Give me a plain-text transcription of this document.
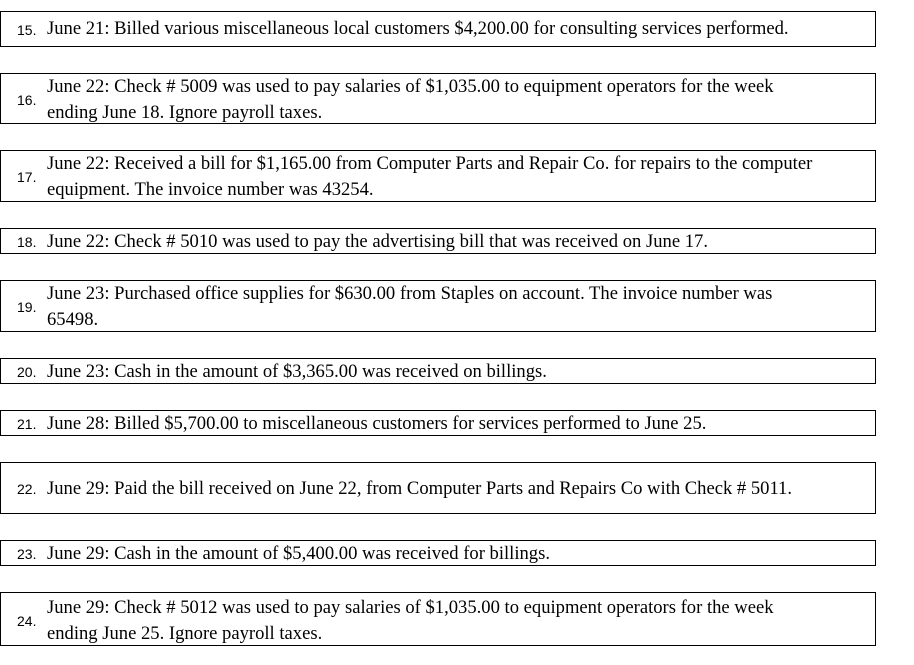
15. June 21: Billed various miscellaneous local customers $4,200.00 for consulting services performed.
16.
June 22: Check # 5009 was used to pay salaries of $1,035.00 to equipment operators for the week
ending June 18. Ignore payroll taxes.
17.
June 22: Received a bill for $1,165.00 from Computer Parts and Repair Co. for repairs to the computer
equipment. The invoice number was 43254.
18. June 22: Check # 5010 was used to pay the advertising bill that was received on June 17.
19.
June 23: Purchased office supplies for $630.00 from Staples on account. The invoice number was
65498.
20. June 23: Cash in the amount of $3,365.00 was received on billings.
21. June 28: Billed $5,700.00 to miscellaneous customers for services performed to June 25.
22. June 29: Paid the bill received on June 22, from Computer Parts and Repairs Co with Check # 5011.
23. June 29: Cash in the amount of $5,400.00 was received for billings.
24.
June 29: Check # 5012 was used to pay salaries of $1,035.00 to equipment operators for the week
ending June 25. Ignore payroll taxes.
